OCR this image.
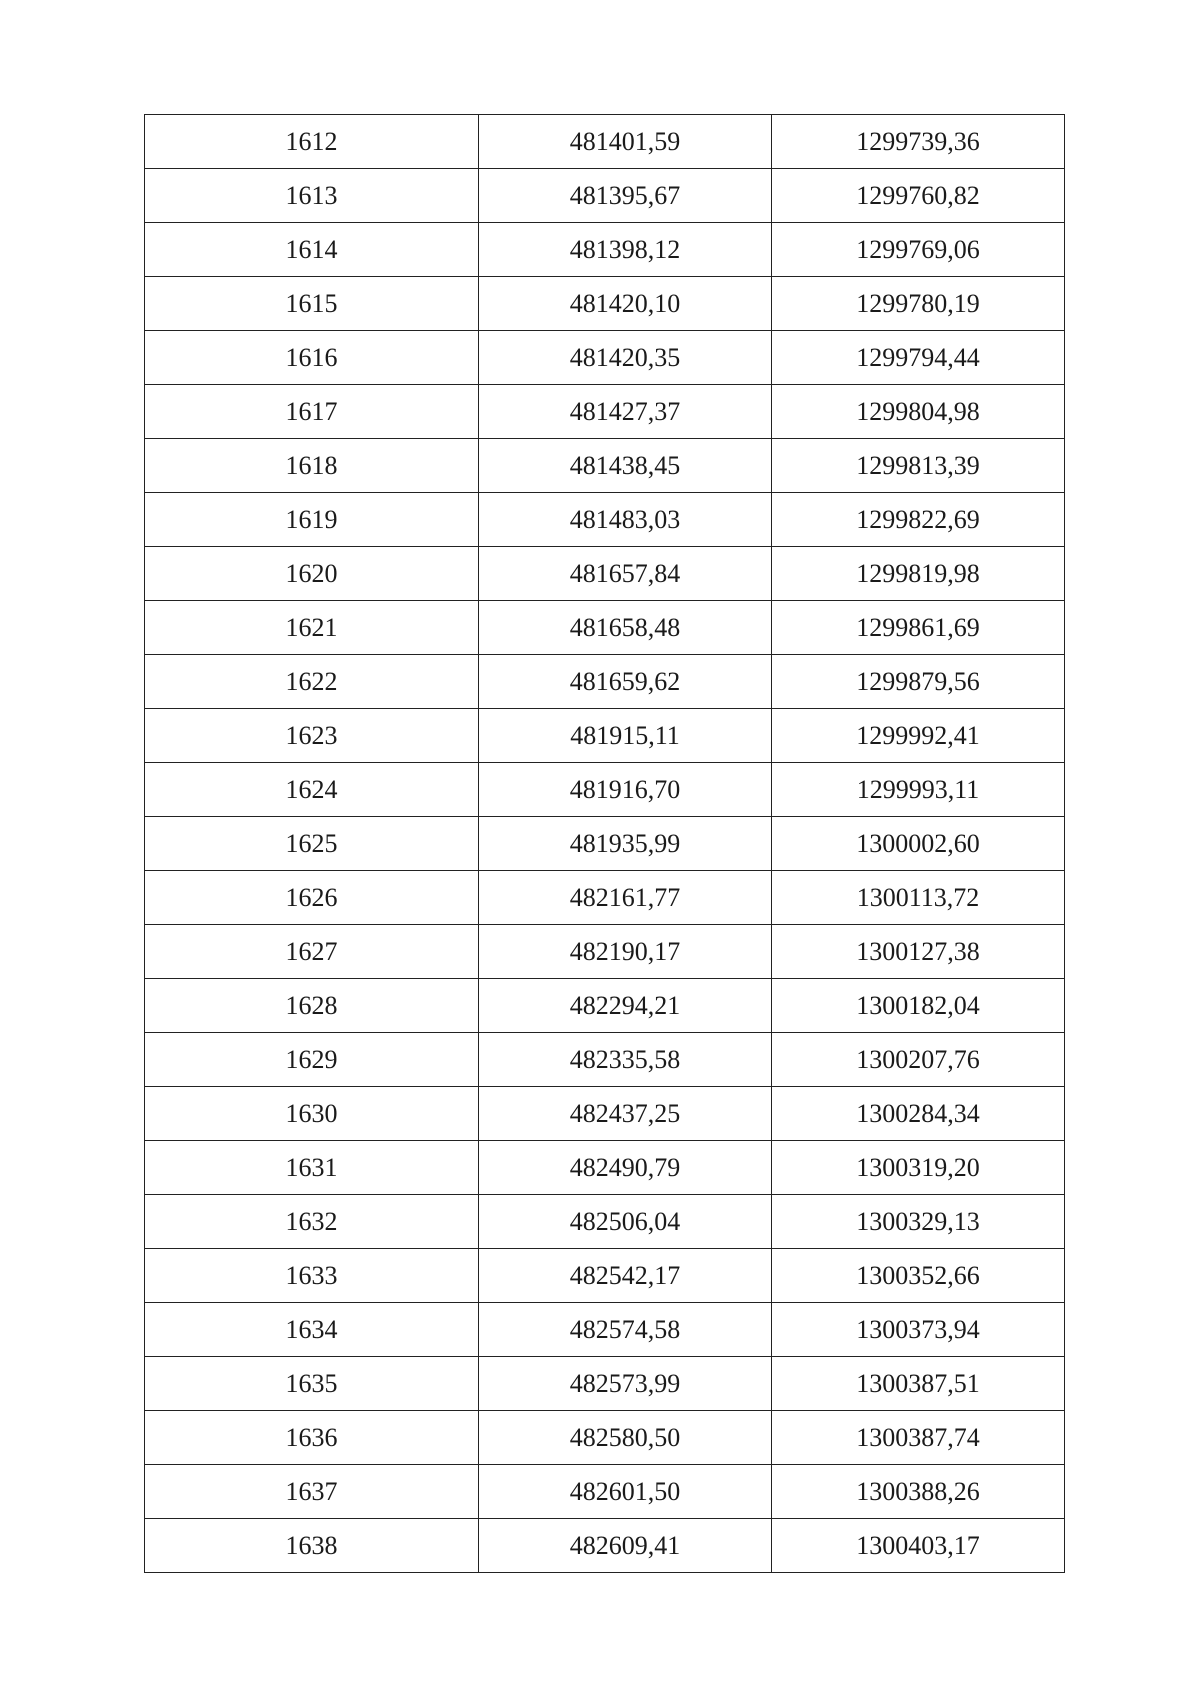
1612	481401,59	1299739,36
1613	481395,67	1299760,82
1614	481398,12	1299769,06
1615	481420,10	1299780,19
1616	481420,35	1299794,44
1617	481427,37	1299804,98
1618	481438,45	1299813,39
1619	481483,03	1299822,69
1620	481657,84	1299819,98
1621	481658,48	1299861,69
1622	481659,62	1299879,56
1623	481915,11	1299992,41
1624	481916,70	1299993,11
1625	481935,99	1300002,60
1626	482161,77	1300113,72
1627	482190,17	1300127,38
1628	482294,21	1300182,04
1629	482335,58	1300207,76
1630	482437,25	1300284,34
1631	482490,79	1300319,20
1632	482506,04	1300329,13
1633	482542,17	1300352,66
1634	482574,58	1300373,94
1635	482573,99	1300387,51
1636	482580,50	1300387,74
1637	482601,50	1300388,26
1638	482609,41	1300403,17
